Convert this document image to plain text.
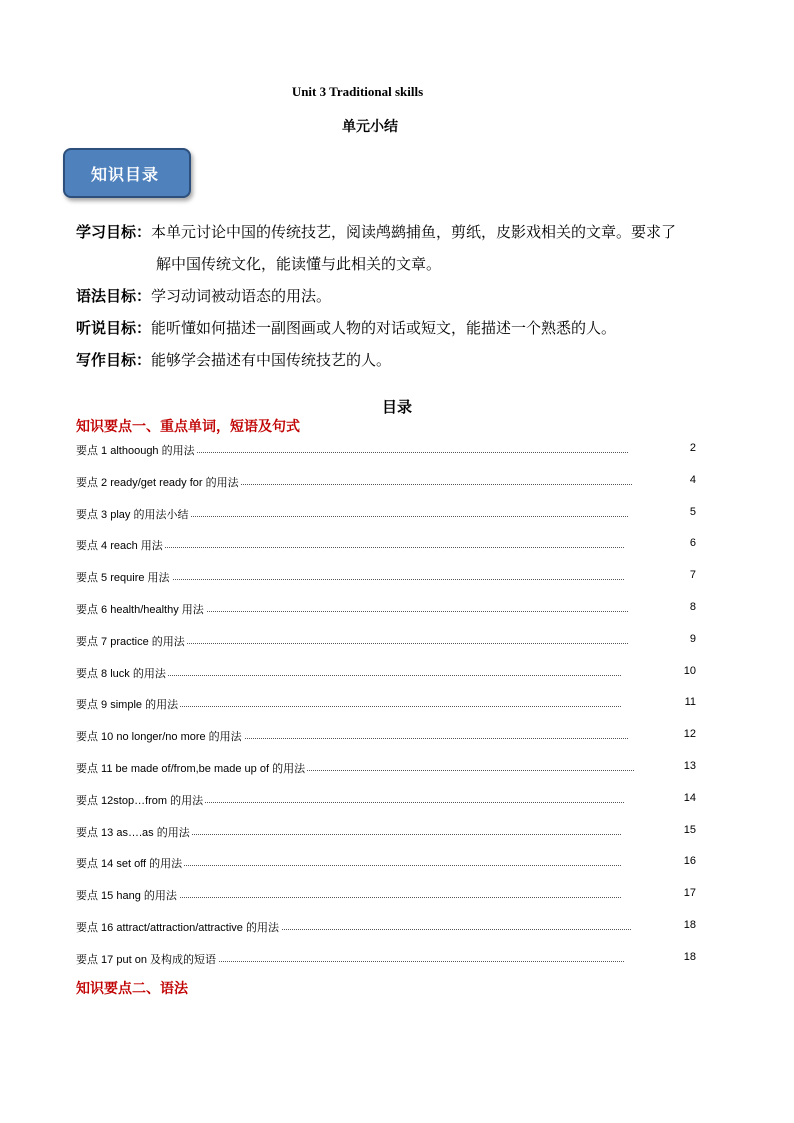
Unit 3 Traditional skills
单元小结
知识目录
学习目标： 本单元讨论中国的传统技艺，阅读鸬鹚捕鱼，剪纸，皮影戏相关的文章。要求了
解中国传统文化，能读懂与此相关的文章。
语法目标： 学习动词被动语态的用法。
听说目标： 能听懂如何描述一副图画或人物的对话或短文，能描述一个熟悉的人。
写作目标： 能够学会描述有中国传统技艺的人。
目录
知识要点一、重点单词，短语及句式
要点 1 althoough 的用法	2
要点 2 ready/get ready for 的用法	4
要点 3 play 的用法小结	5
要点 4 reach 用法	6
要点 5 require 用法	7
要点 6 health/healthy 用法	8
要点 7 practice 的用法	9
要点 8 luck 的用法	10
要点 9 simple 的用法	11
要点 10 no longer/no more 的用法	12
要点 11 be made of/from,be made up of 的用法	13
要点 12stop…from 的用法	14
要点 13 as….as 的用法	15
要点 14 set off 的用法	16
要点 15 hang 的用法	17
要点 16 attract/attraction/attractive 的用法	18
要点 17 put on 及构成的短语	18
知识要点二、语法
